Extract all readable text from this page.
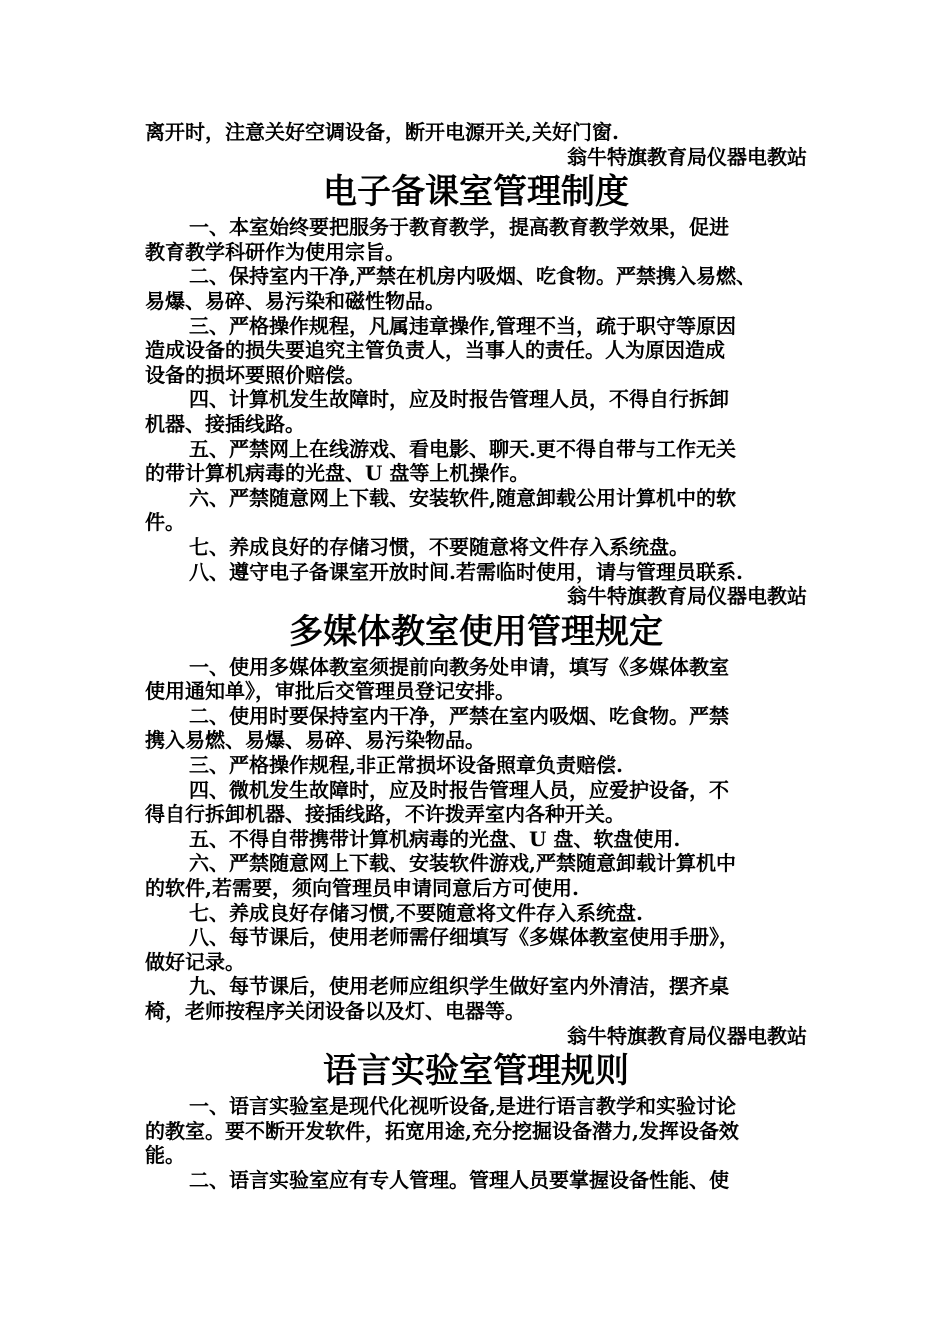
离开时，注意关好空调设备，断开电源开关,关好门窗.
翁牛特旗教育局仪器电教站
电子备课室管理制度
一、本室始终要把服务于教育教学，提高教育教学效果，促进
教育教学科研作为使用宗旨。
二、保持室内干净,严禁在机房内吸烟、吃食物。严禁携入易燃、
易爆、易碎、易污染和磁性物品。
三、严格操作规程，凡属违章操作,管理不当，疏于职守等原因
造成设备的损失要追究主管负责人，当事人的责任。人为原因造成
设备的损坏要照价赔偿。
四、计算机发生故障时，应及时报告管理人员，不得自行拆卸
机器、接插线路。
五、严禁网上在线游戏、看电影、聊天.更不得自带与工作无关
的带计算机病毒的光盘、U 盘等上机操作。
六、严禁随意网上下载、安装软件,随意卸载公用计算机中的软
件。
七、养成良好的存储习惯，不要随意将文件存入系统盘。
八、遵守电子备课室开放时间.若需临时使用，请与管理员联系.
翁牛特旗教育局仪器电教站
多媒体教室使用管理规定
一、使用多媒体教室须提前向教务处申请，填写《多媒体教室
使用通知单》，审批后交管理员登记安排。
二、使用时要保持室内干净，严禁在室内吸烟、吃食物。严禁
携入易燃、易爆、易碎、易污染物品。
三、严格操作规程,非正常损坏设备照章负责赔偿.
四、微机发生故障时，应及时报告管理人员，应爱护设备，不
得自行拆卸机器、接插线路，不许拨弄室内各种开关。
五、不得自带携带计算机病毒的光盘、U 盘、软盘使用.
六、严禁随意网上下载、安装软件游戏,严禁随意卸载计算机中
的软件,若需要，须向管理员申请同意后方可使用.
七、养成良好存储习惯,不要随意将文件存入系统盘.
八、每节课后，使用老师需仔细填写《多媒体教室使用手册》，
做好记录。
九、每节课后，使用老师应组织学生做好室内外清洁，摆齐桌
椅，老师按程序关闭设备以及灯、电器等。
翁牛特旗教育局仪器电教站
语言实验室管理规则
一、语言实验室是现代化视听设备,是进行语言教学和实验讨论
的教室。要不断开发软件，拓宽用途,充分挖掘设备潜力,发挥设备效
能。
二、语言实验室应有专人管理。管理人员要掌握设备性能、使
